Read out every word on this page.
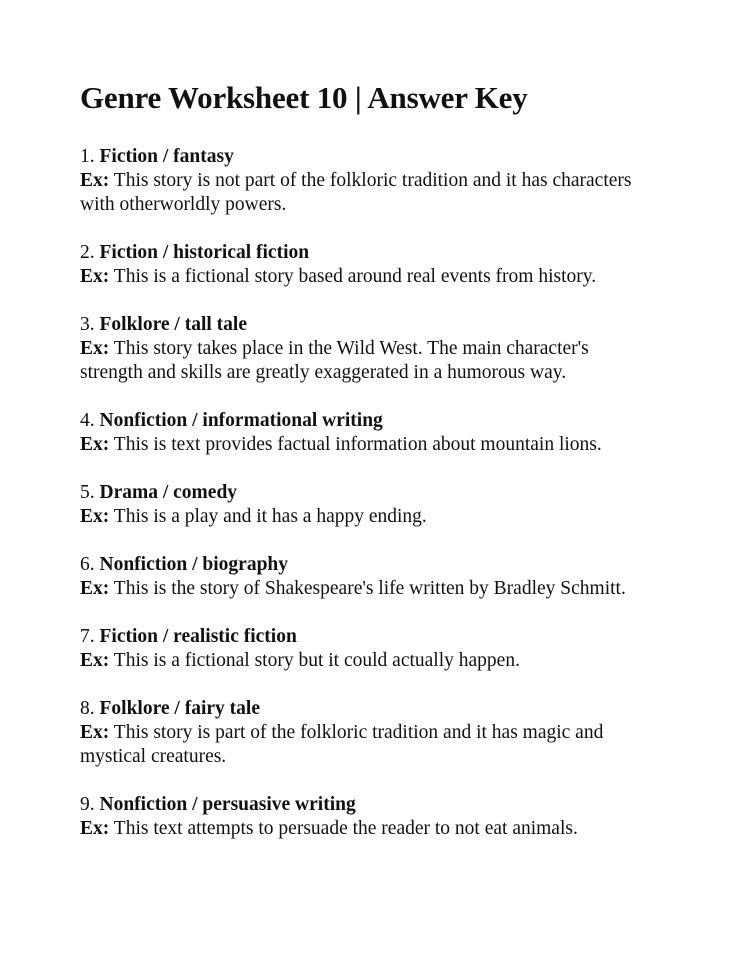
Genre Worksheet 10 | Answer Key
1. Fiction / fantasy
Ex: This story is not part of the folkloric tradition and it has characters
with otherworldly powers.
2. Fiction / historical fiction
Ex: This is a fictional story based around real events from history.
3. Folklore / tall tale
Ex: This story takes place in the Wild West. The main character's
strength and skills are greatly exaggerated in a humorous way.
4. Nonfiction / informational writing
Ex: This is text provides factual information about mountain lions.
5. Drama / comedy
Ex: This is a play and it has a happy ending.
6. Nonfiction / biography
Ex: This is the story of Shakespeare's life written by Bradley Schmitt.
7. Fiction / realistic fiction
Ex: This is a fictional story but it could actually happen.
8. Folklore / fairy tale
Ex: This story is part of the folkloric tradition and it has magic and
mystical creatures.
9. Nonfiction / persuasive writing
Ex: This text attempts to persuade the reader to not eat animals.
